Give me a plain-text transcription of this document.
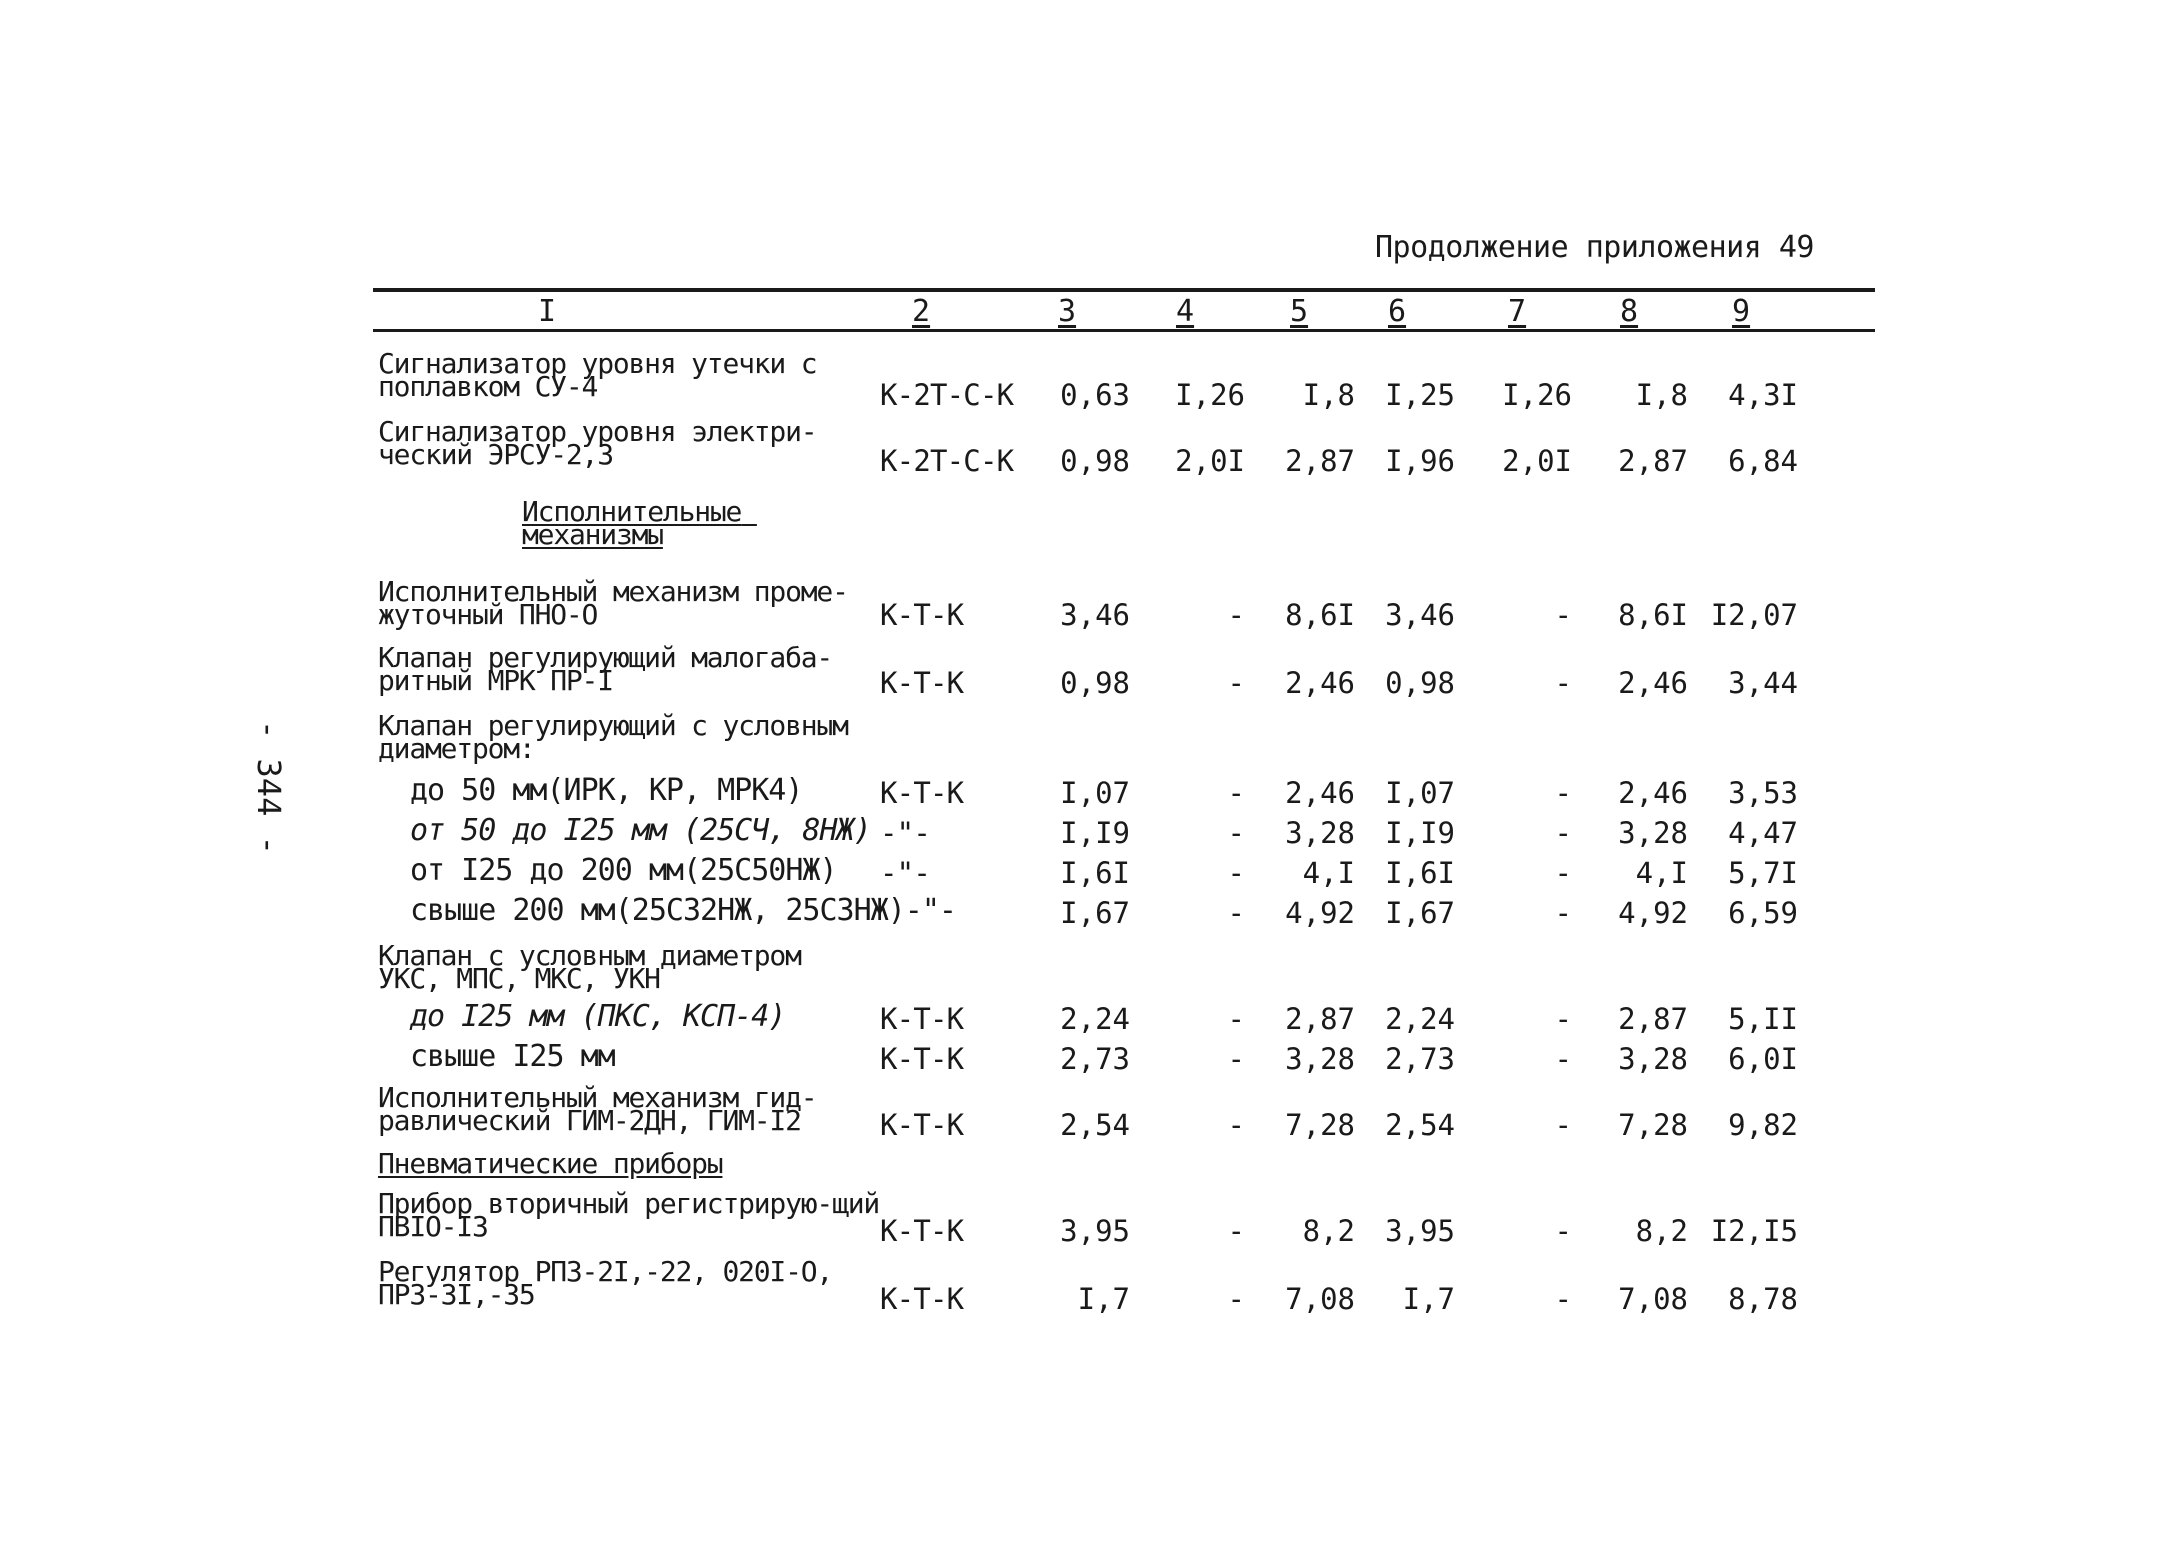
Продолжение приложения 49
- 344 -
I	2	3	4	5	6	7	8	9
Сигнализатор уровня утечки с поплавком СУ-4	К-2Т-С-К	0,63	I,26	I,8	I,25	I,26	I,8	4,3I
Сигнализатор уровня электри-ческий ЭРСУ-2,3	К-2Т-С-К	0,98	2,0I	2,87	I,96	2,0I	2,87	6,84
Исполнительные механизмы
Исполнительный механизм проме-жуточный ПНО-О	К-Т-К	3,46	-	8,6I	3,46	-	8,6I I2,07
Клапан регулирующий малогаба-ритный МРК ПР-I	К-Т-К	0,98	-	2,46	0,98	-	2,46	3,44
Клапан регулирующий с условным диаметром:
до 50 мм(ИРК, КР, МРК4)	К-Т-К	I,07	-	2,46	I,07	-	2,46	3,53
от 50 до I25 мм (25СЧ, 8НЖ) -"-	I,I9	-	3,28	I,I9	-	3,28	4,47
от I25 до 200 мм(25С50НЖ)	-"-	I,6I	-	4,I	I,6I	-	4,I	5,7I
свыше 200 мм(25С32НЖ, 25С3НЖ)-"-	I,67	-	4,92	I,67	-	4,92	6,59
Клапан с условным диаметром УКС, МПС, МКС, УКН
до I25 мм (ПКС, КСП-4)	К-Т-К	2,24	-	2,87	2,24	-	2,87	5,II
свыше I25 мм	К-Т-К	2,73	-	3,28	2,73	-	3,28	6,0I
Исполнительный механизм гид-равлический ГИМ-2ДН, ГИМ-I2	К-Т-К	2,54	-	7,28	2,54	-	7,28	9,82
Пневматические приборы
Прибор вторичный регистрирую-щий ПВIО-I3	К-Т-К	3,95	-	8,2	3,95	-	8,2 I2,I5
Регулятор РПЗ-2I,-22, 020I-О, ПРЗ-3I,-35	К-Т-К	I,7	-	7,08	I,7	-	7,08	8,78
